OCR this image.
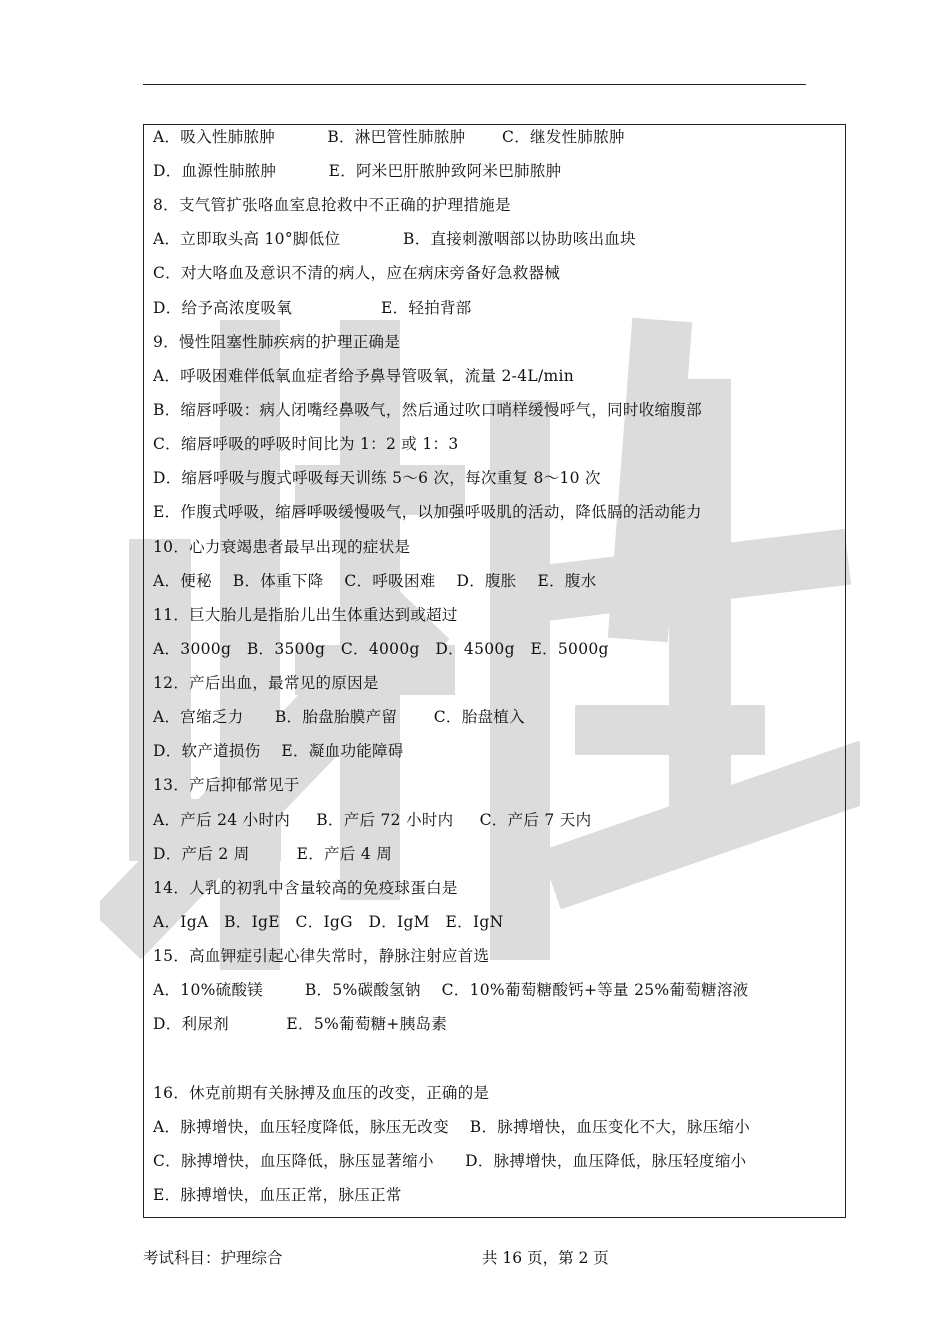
A．吸入性肺脓肿          B．淋巴管性肺脓肿       C．继发性肺脓肿
D．血源性肺脓肿          E．阿米巴肝脓肿致阿米巴肺脓肿
8．支气管扩张咯血室息抢救中不正确的护理措施是
A．立即取头高 10°脚低位            B．直接刺激咽部以协助咳出血块
C．对大咯血及意识不清的病人，应在病床旁备好急救器械
D．给予高浓度吸氧                 E．轻拍背部
9．慢性阻塞性肺疾病的护理正确是
A．呼吸困难伴低氧血症者给予鼻导管吸氧，流量 2-4L/min
B．缩唇呼吸：病人闭嘴经鼻吸气，然后通过吹口哨样缓慢呼气，同时收缩腹部
C．缩唇呼吸的呼吸时间比为 1：2 或 1：3
D．缩唇呼吸与腹式呼吸每天训练 5～6 次，每次重复 8～10 次
E．作腹式呼吸，缩唇呼吸缓慢吸气，以加强呼吸肌的活动，降低膈的活动能力
10．心力衰竭患者最早出现的症状是
A．便秘    B．体重下降    C．呼吸困难    D．腹胀    E．腹水
11．巨大胎儿是指胎儿出生体重达到或超过
A．3000g   B．3500g   C．4000g   D．4500g   E．5000g
12．产后出血，最常见的原因是
A．宫缩乏力      B．胎盘胎膜产留       C．胎盘植入
D．软产道损伤    E．凝血功能障碍
13．产后抑郁常见于
A．产后 24 小时内     B．产后 72 小时内     C．产后 7 天内
D．产后 2 周         E．产后 4 周
14．人乳的初乳中含量较高的免疫球蛋白是
A．IgA   B．IgE   C．IgG   D．IgM   E．IgN
15．高血钾症引起心律失常时，静脉注射应首选
A．10%硫酸镁        B．5%碳酸氢钠    C．10%葡萄糖酸钙+等量 25%葡萄糖溶液
D．利尿剂           E．5%葡萄糖+胰岛素
16．休克前期有关脉搏及血压的改变，正确的是
A．脉搏增快，血压轻度降低，脉压无改变    B．脉搏增快，血压变化不大，脉压缩小
C．脉搏增快，血压降低，脉压显著缩小      D．脉搏增快，血压降低，脉压轻度缩小
E．脉搏增快，血压正常，脉压正常
考试科目：护理综合	共 16 页，第 2 页
